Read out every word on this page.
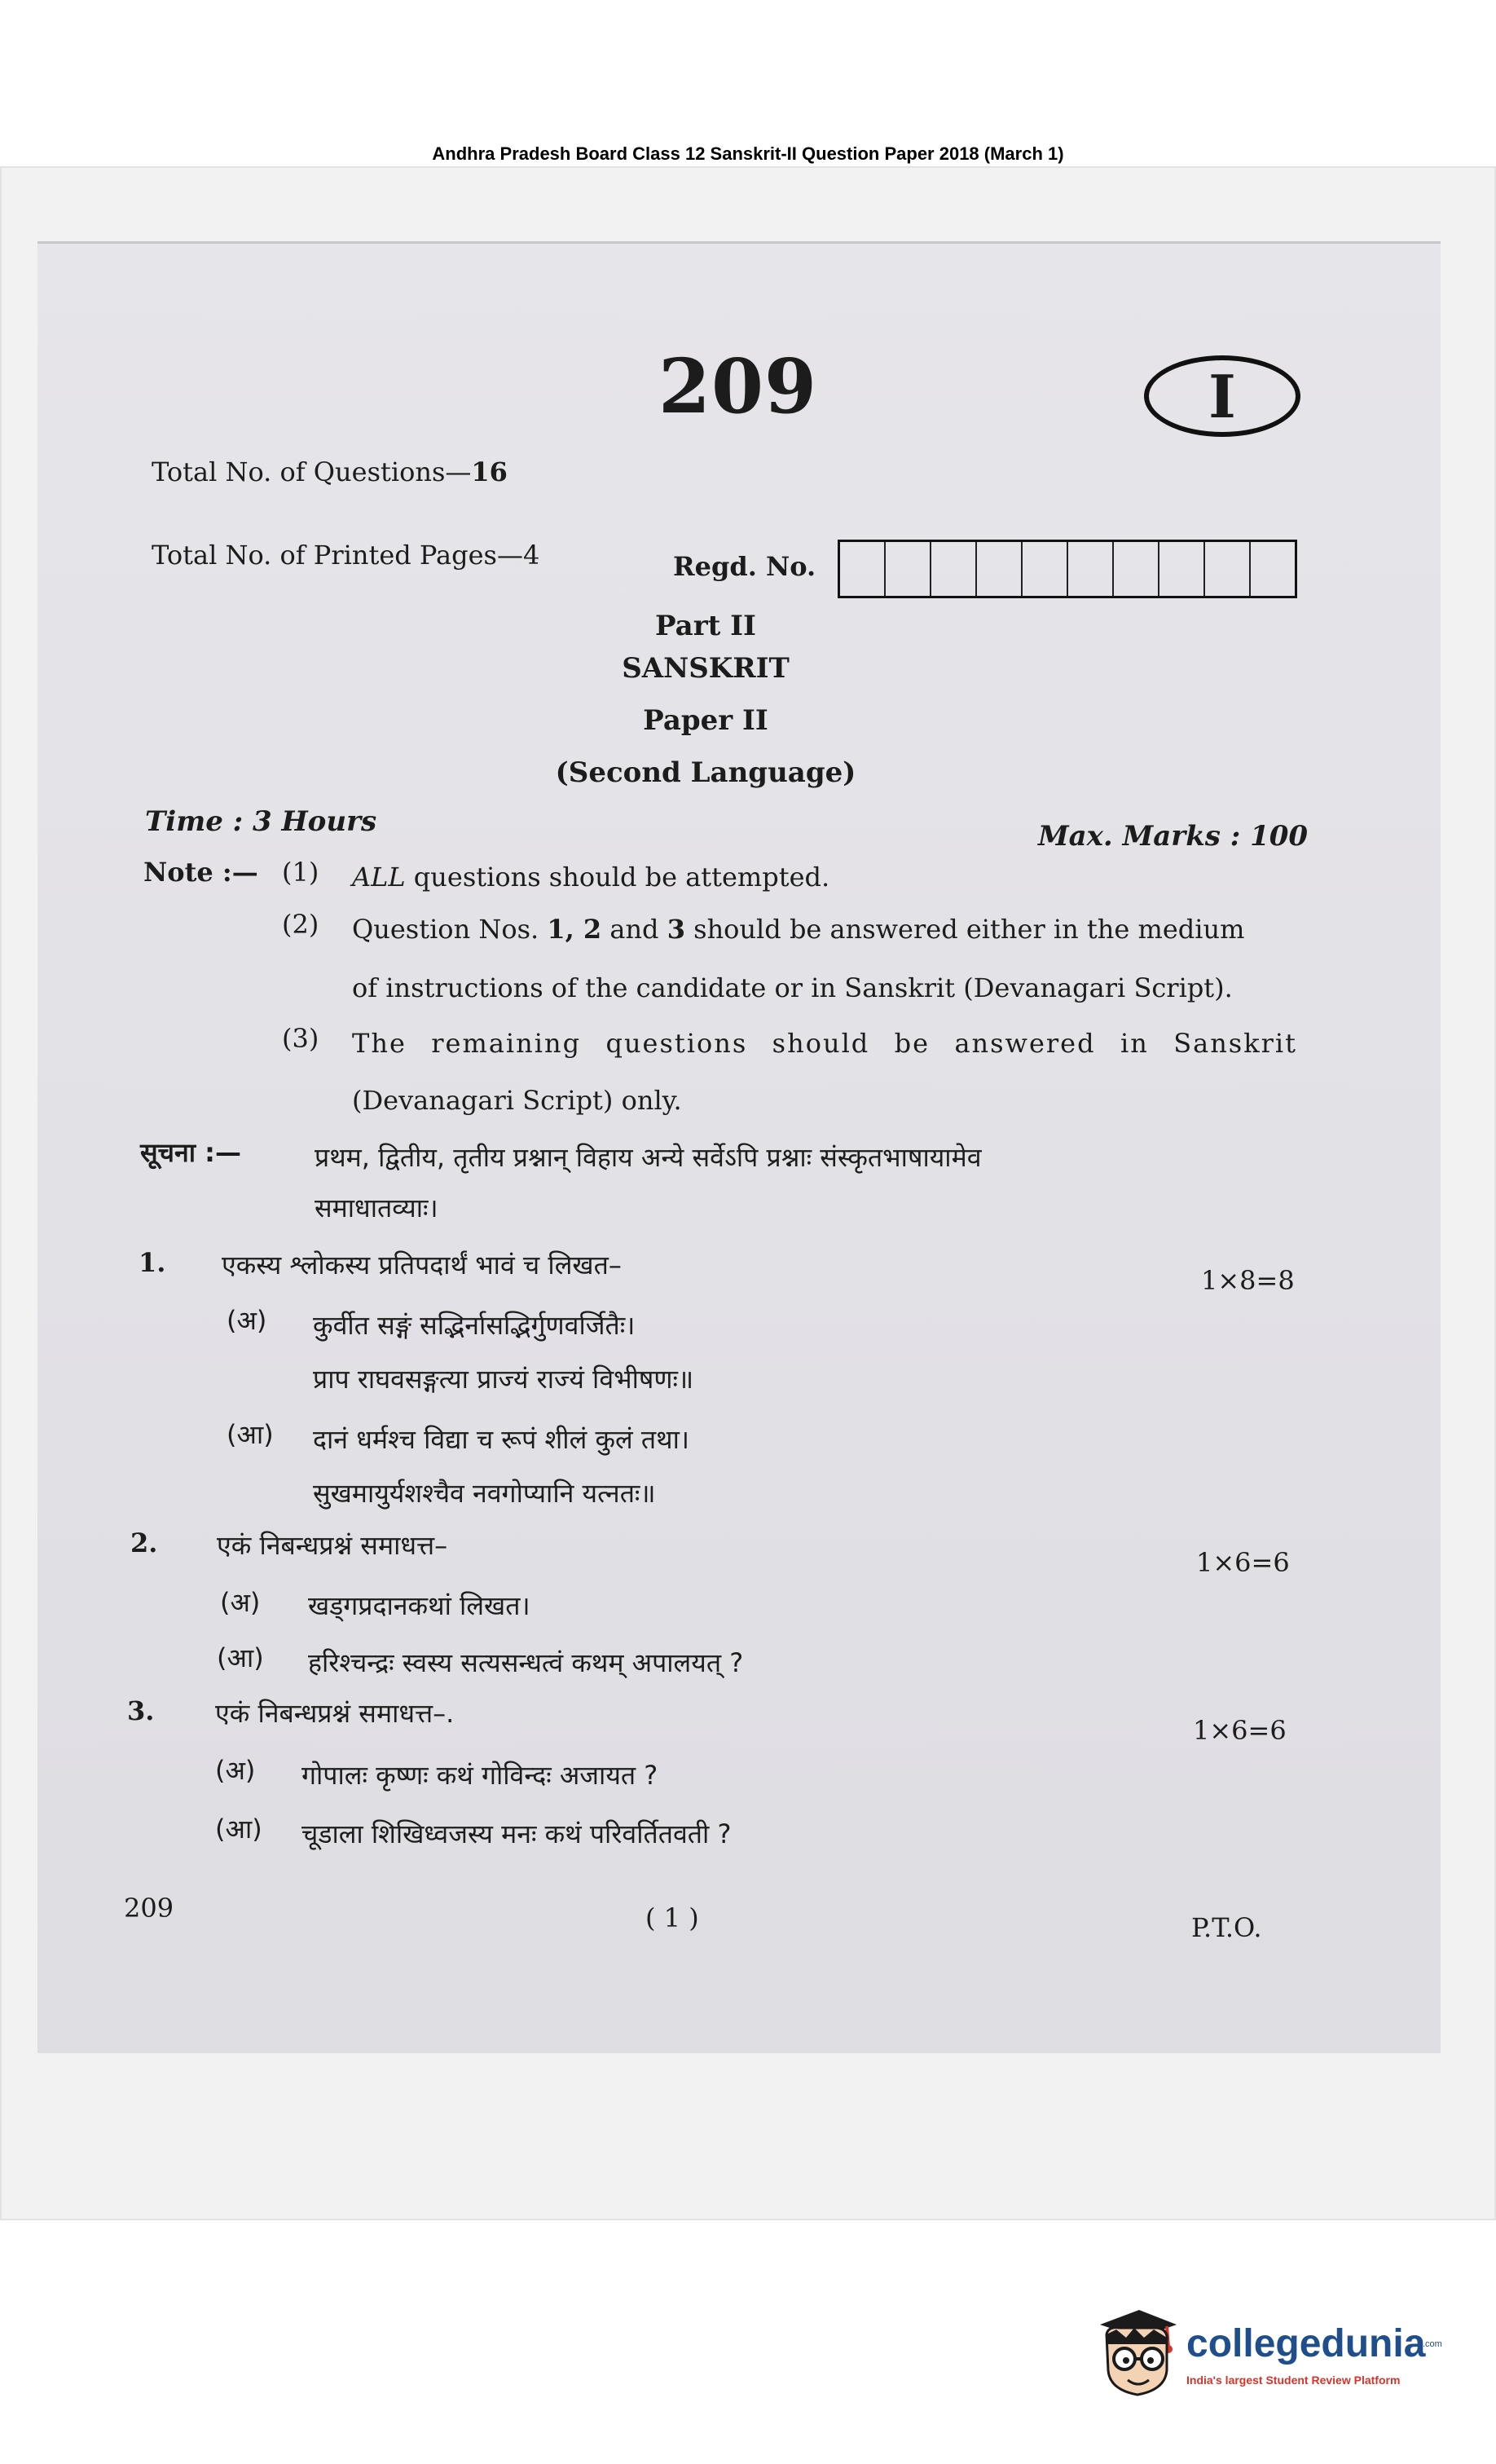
Andhra Pradesh Board Class 12 Sanskrit-II Question Paper 2018 (March 1)
209	I
Total No. of Questions—16
Total No. of Printed Pages—4	Regd. No.
Part II
SANSKRIT
Paper II
(Second Language)
Time : 3 Hours	Max. Marks : 100
Note :— (1) ALL questions should be attempted.
(2) Question Nos. 1, 2 and 3 should be answered either in the medium
of instructions of the candidate or in Sanskrit (Devanagari Script).
(3) The remaining questions should be answered in Sanskrit
(Devanagari Script) only.
सूचना :—	प्रथम, द्वितीय, तृतीय प्रश्नान् विहाय अन्ये सर्वेऽपि प्रश्नाः संस्कृतभाषायामेव
समाधातव्याः।
1. एकस्य श्लोकस्य प्रतिपदार्थं भावं च लिखत–	1×8=8
(अ) कुर्वीत सङ्गं सद्भिर्नासद्भिर्गुणवर्जितैः।
प्राप राघवसङ्गत्या प्राज्यं राज्यं विभीषणः॥
(आ) दानं धर्मश्च विद्या च रूपं शीलं कुलं तथा।
सुखमायुर्यशश्चैव नवगोप्यानि यत्नतः॥
2. एकं निबन्धप्रश्नं समाधत्त–
1×6=6
(अ) खड्गप्रदानकथां लिखत।
(आ) हरिश्चन्द्रः स्वस्य सत्यसन्धत्वं कथम् अपालयत् ?
3. एकं निबन्धप्रश्नं समाधत्त–.
1×6=6
(अ) गोपालः कृष्णः कथं गोविन्दः अजायत ?
(आ) चूडाला शिखिध्वजस्य मनः कथं परिवर्तितवती ?
209	( 1 )	P.T.O.
collegedunia
.com
India's largest Student Review Platform
